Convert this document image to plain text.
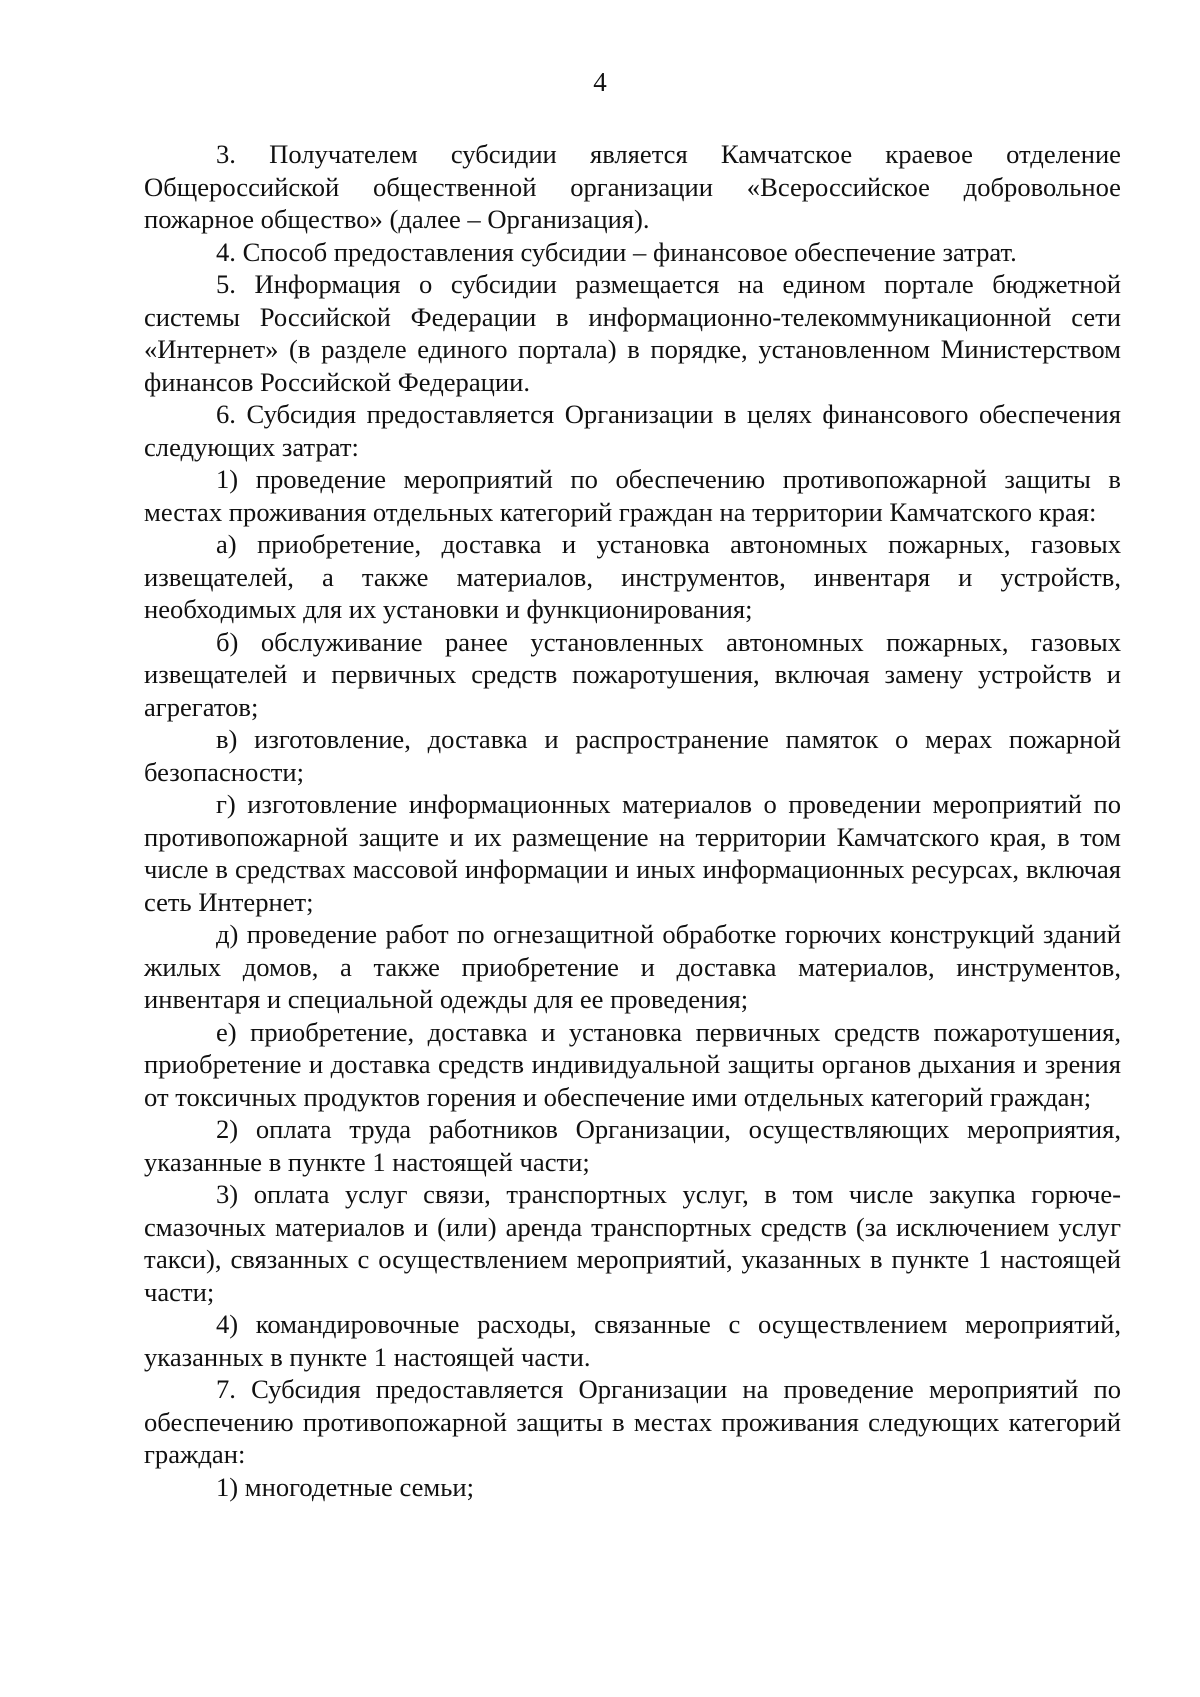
4

3. Получателем субсидии является Камчатское краевое отделение Общероссийской общественной организации «Всероссийское добровольное пожарное общество» (далее – Организация).

4. Способ предоставления субсидии – финансовое обеспечение затрат.

5. Информация о субсидии размещается на едином портале бюджетной системы Российской Федерации в информационно-телекоммуникационной сети «Интернет» (в разделе единого портала) в порядке, установленном Министерством финансов Российской Федерации.

6. Субсидия предоставляется Организации в целях финансового обеспечения следующих затрат:

1) проведение мероприятий по обеспечению противопожарной защиты в местах проживания отдельных категорий граждан на территории Камчатского края:

а) приобретение, доставка и установка автономных пожарных, газовых извещателей, а также материалов, инструментов, инвентаря и устройств, необходимых для их установки и функционирования;

б) обслуживание ранее установленных автономных пожарных, газовых извещателей и первичных средств пожаротушения, включая замену устройств и агрегатов;

в) изготовление, доставка и распространение памяток о мерах пожарной безопасности;

г) изготовление информационных материалов о проведении мероприятий по противопожарной защите и их размещение на территории Камчатского края, в том числе в средствах массовой информации и иных информационных ресурсах, включая сеть Интернет;

д) проведение работ по огнезащитной обработке горючих конструкций зданий жилых домов, а также приобретение и доставка материалов, инструментов, инвентаря и специальной одежды для ее проведения;

е) приобретение, доставка и установка первичных средств пожаротушения, приобретение и доставка средств индивидуальной защиты органов дыхания и зрения от токсичных продуктов горения и обеспечение ими отдельных категорий граждан;

2) оплата труда работников Организации, осуществляющих мероприятия, указанные в пункте 1 настоящей части;

3) оплата услуг связи, транспортных услуг, в том числе закупка горюче-смазочных материалов и (или) аренда транспортных средств (за исключением услуг такси), связанных с осуществлением мероприятий, указанных в пункте 1 настоящей части;

4) командировочные расходы, связанные с осуществлением мероприятий, указанных в пункте 1 настоящей части.

7. Субсидия предоставляется Организации на проведение мероприятий по обеспечению противопожарной защиты в местах проживания следующих категорий граждан:

1) многодетные семьи;
